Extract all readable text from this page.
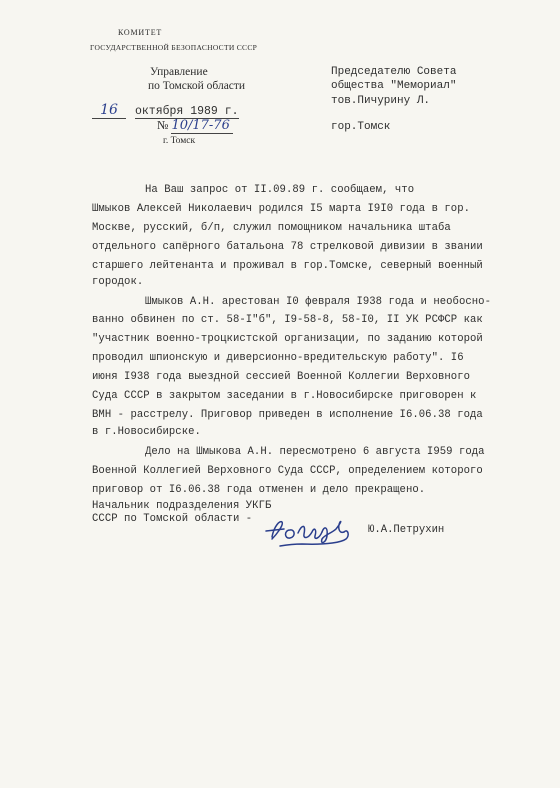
КОМИТЕТ
ГОСУДАРСТВЕННОЙ БЕЗОПАСНОСТИ СССР
Управление
по Томской области
16 октября 1989 г.
№ 10/17-76
г. Томск
Председателю Совета
общества "Мемориал"
тов.Пичурину Л.
гор.Томск
На Ваш запрос от II.09.89 г. сообщаем, что
Шмыков Алексей Николаевич родился I5 марта I9I0 года в гор.
Москве, русский, б/п, служил помощником начальника штаба
отдельного сапёрного батальона 78 стрелковой дивизии в звании
старшего лейтенанта и проживал в гор.Томске, северный военный
городок.
Шмыков А.Н. арестован I0 февраля I938 года и необосно-
ванно обвинен по ст. 58-I"б", I9-58-8, 58-I0, II УК РСФСР как
"участник военно-троцкистской организации, по заданию которой
проводил шпионскую и диверсионно-вредительскую работу". I6
июня I938 года выездной сессией Военной Коллегии Верховного
Суда СССР в закрытом заседании в г.Новосибирске приговорен к
ВМН - расстрелу. Приговор приведен в исполнение I6.06.38 года
в г.Новосибирске.
Дело на Шмыкова А.Н. пересмотрено 6 августа I959 года
Военной Коллегией Верховного Суда СССР, определением которого
приговор от I6.06.38 года отменен и дело прекращено.
Начальник подразделения УКГБ
СССР по Томской области -
Ю.А.Петрухин
